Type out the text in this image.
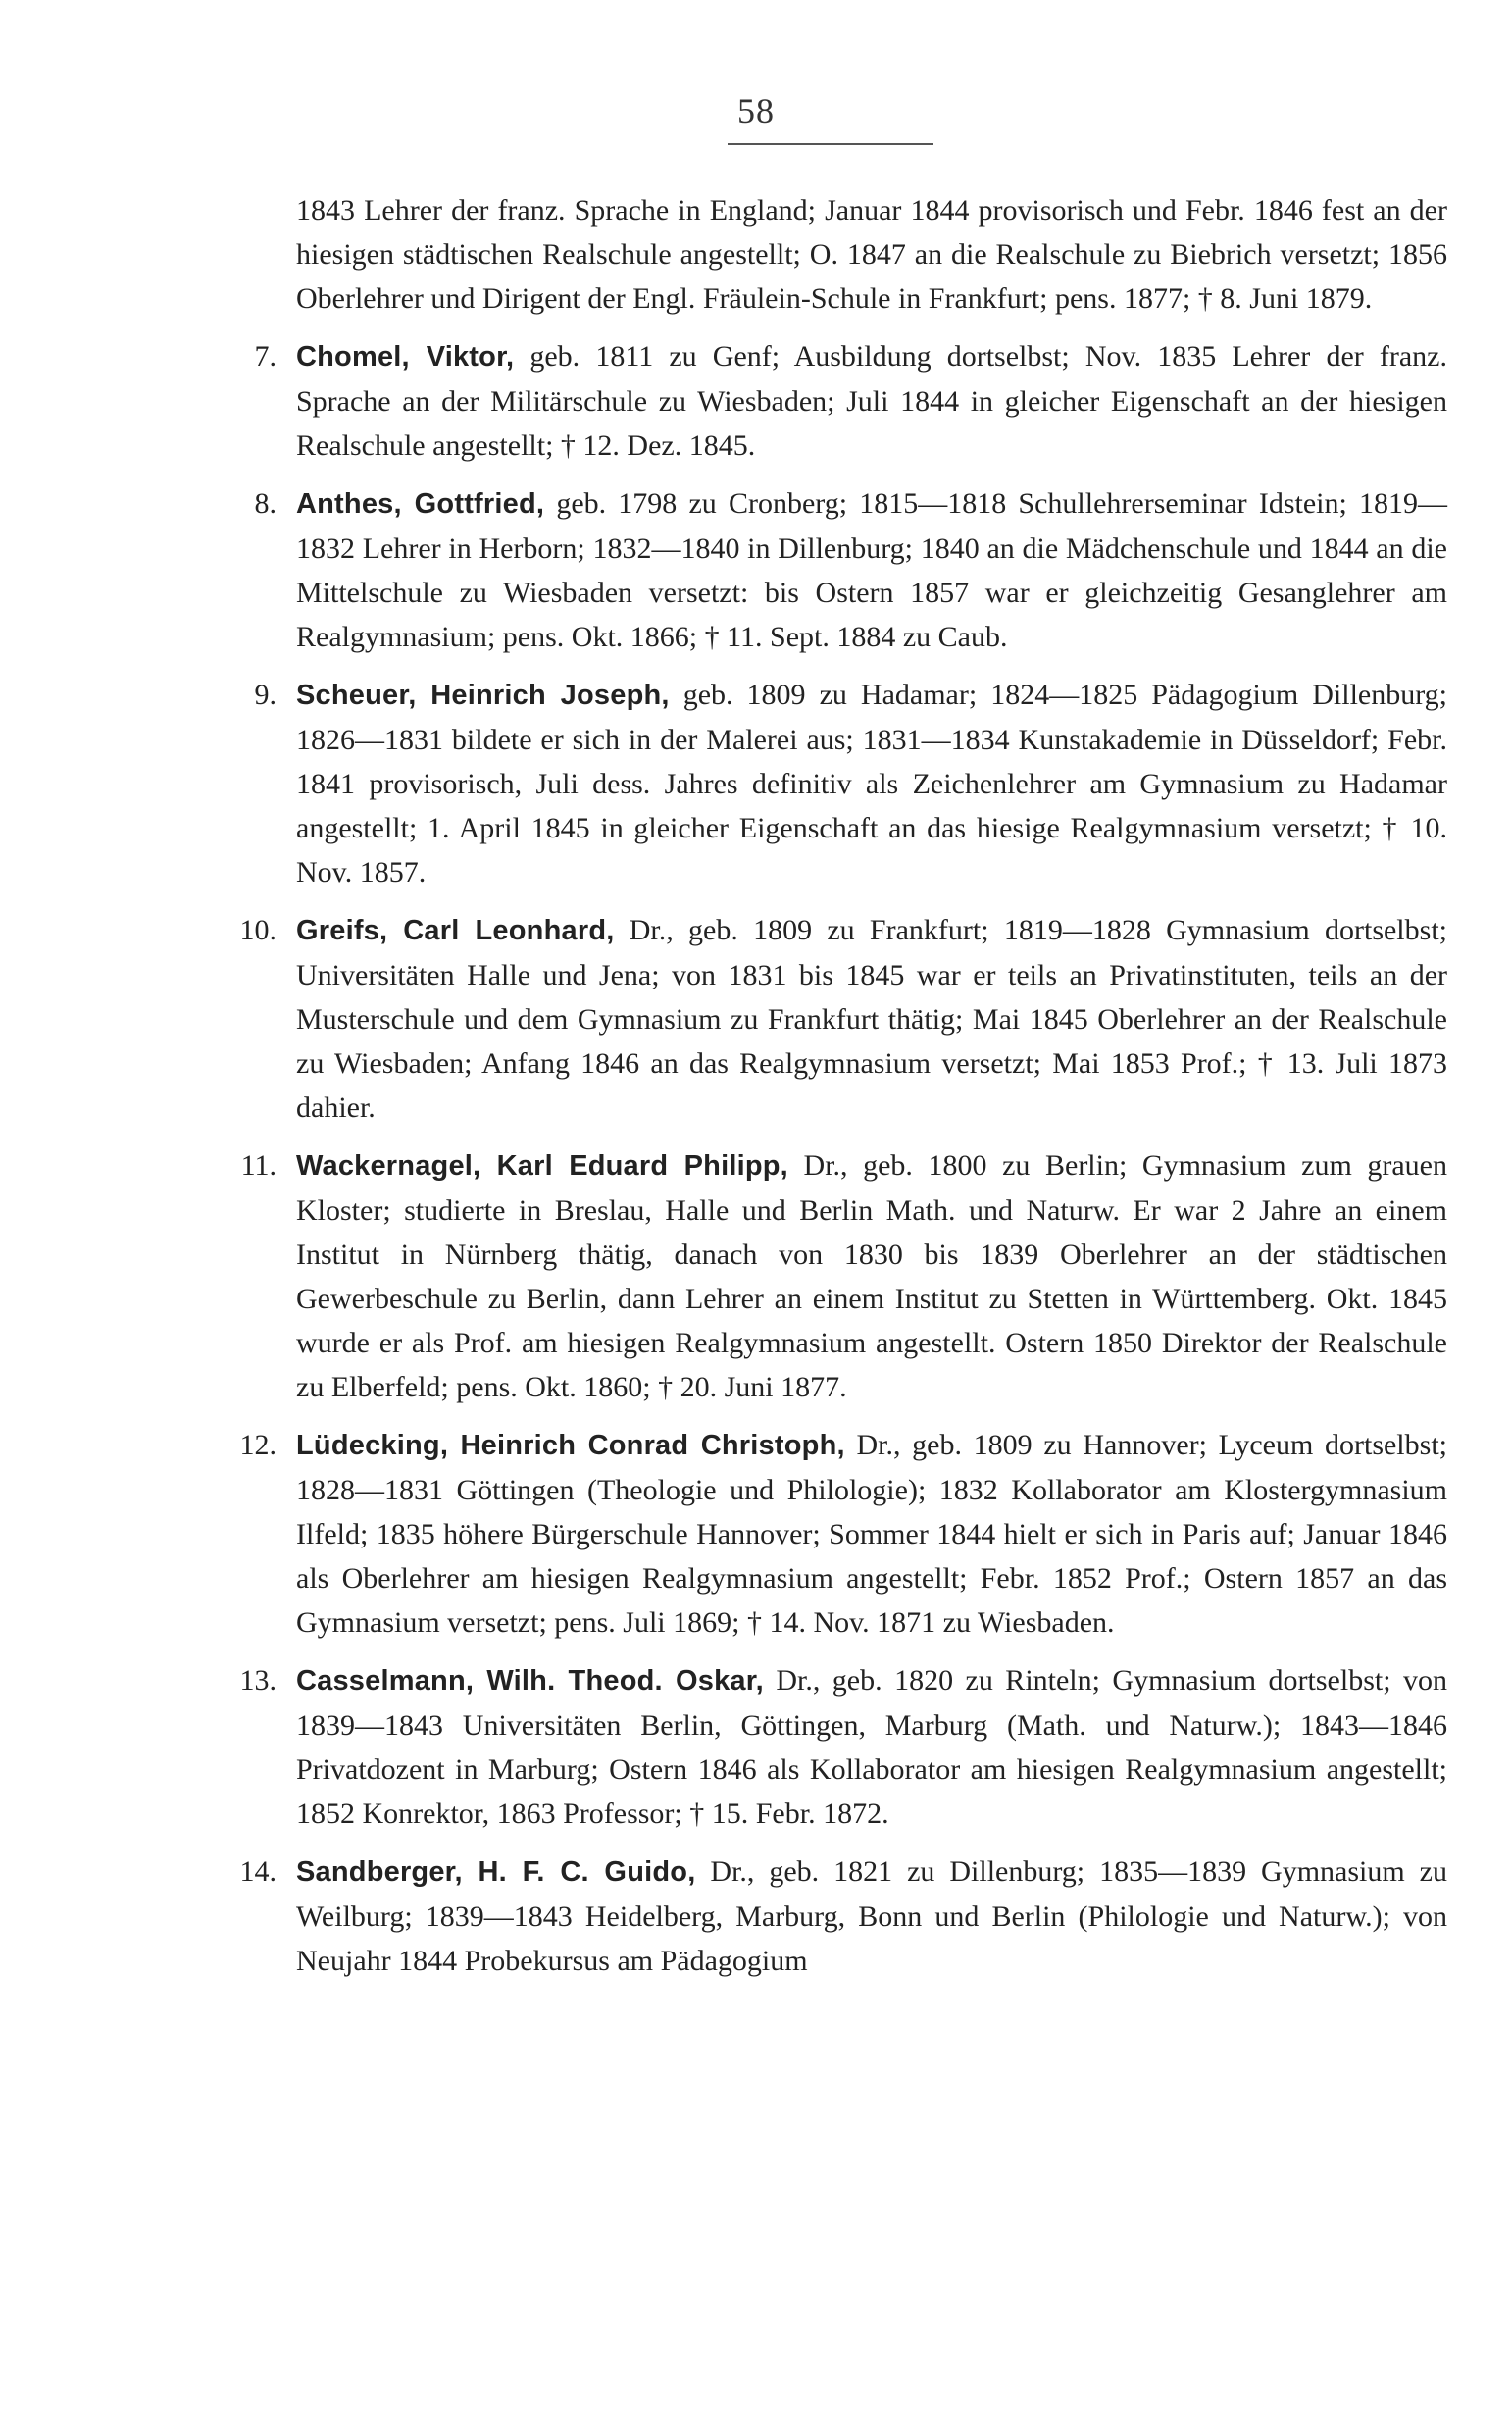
58
1843 Lehrer der franz. Sprache in England; Januar 1844 provisorisch und Febr. 1846 fest an der hiesigen städtischen Realschule angestellt; O. 1847 an die Realschule zu Biebrich versetzt; 1856 Oberlehrer und Dirigent der Engl. Fräulein-Schule in Frankfurt; pens. 1877; † 8. Juni 1879.
7. Chomel, Viktor, geb. 1811 zu Genf; Ausbildung dortselbst; Nov. 1835 Lehrer der franz. Sprache an der Militärschule zu Wiesbaden; Juli 1844 in gleicher Eigenschaft an der hiesigen Realschule angestellt; † 12. Dez. 1845.
8. Anthes, Gottfried, geb. 1798 zu Cronberg; 1815—1818 Schullehrerseminar Idstein; 1819—1832 Lehrer in Herborn; 1832—1840 in Dillenburg; 1840 an die Mädchenschule und 1844 an die Mittelschule zu Wiesbaden versetzt: bis Ostern 1857 war er gleichzeitig Gesanglehrer am Realgymnasium; pens. Okt. 1866; † 11. Sept. 1884 zu Caub.
9. Scheuer, Heinrich Joseph, geb. 1809 zu Hadamar; 1824—1825 Pädagogium Dillenburg; 1826—1831 bildete er sich in der Malerei aus; 1831—1834 Kunstakademie in Düsseldorf; Febr. 1841 provisorisch, Juli dess. Jahres definitiv als Zeichenlehrer am Gymnasium zu Hadamar angestellt; 1. April 1845 in gleicher Eigenschaft an das hiesige Realgymnasium versetzt; † 10. Nov. 1857.
10. Greifs, Carl Leonhard, Dr., geb. 1809 zu Frankfurt; 1819—1828 Gymnasium dortselbst; Universitäten Halle und Jena; von 1831 bis 1845 war er teils an Privatinstituten, teils an der Musterschule und dem Gymnasium zu Frankfurt thätig; Mai 1845 Oberlehrer an der Realschule zu Wiesbaden; Anfang 1846 an das Realgymnasium versetzt; Mai 1853 Prof.; † 13. Juli 1873 dahier.
11. Wackernagel, Karl Eduard Philipp, Dr., geb. 1800 zu Berlin; Gymnasium zum grauen Kloster; studierte in Breslau, Halle und Berlin Math. und Naturw. Er war 2 Jahre an einem Institut in Nürnberg thätig, danach von 1830 bis 1839 Oberlehrer an der städtischen Gewerbeschule zu Berlin, dann Lehrer an einem Institut zu Stetten in Württemberg. Okt. 1845 wurde er als Prof. am hiesigen Realgymnasium angestellt. Ostern 1850 Direktor der Realschule zu Elberfeld; pens. Okt. 1860; † 20. Juni 1877.
12. Lüdecking, Heinrich Conrad Christoph, Dr., geb. 1809 zu Hannover; Lyceum dortselbst; 1828—1831 Göttingen (Theologie und Philologie); 1832 Kollaborator am Klostergymnasium Ilfeld; 1835 höhere Bürgerschule Hannover; Sommer 1844 hielt er sich in Paris auf; Januar 1846 als Oberlehrer am hiesigen Realgymnasium angestellt; Febr. 1852 Prof.; Ostern 1857 an das Gymnasium versetzt; pens. Juli 1869; † 14. Nov. 1871 zu Wiesbaden.
13. Casselmann, Wilh. Theod. Oskar, Dr., geb. 1820 zu Rinteln; Gymnasium dortselbst; von 1839—1843 Universitäten Berlin, Göttingen, Marburg (Math. und Naturw.); 1843—1846 Privatdozent in Marburg; Ostern 1846 als Kollaborator am hiesigen Realgymnasium angestellt; 1852 Konrektor, 1863 Professor; † 15. Febr. 1872.
14. Sandberger, H. F. C. Guido, Dr., geb. 1821 zu Dillenburg; 1835—1839 Gymnasium zu Weilburg; 1839—1843 Heidelberg, Marburg, Bonn und Berlin (Philologie und Naturw.); von Neujahr 1844 Probekursus am Pädagogium
